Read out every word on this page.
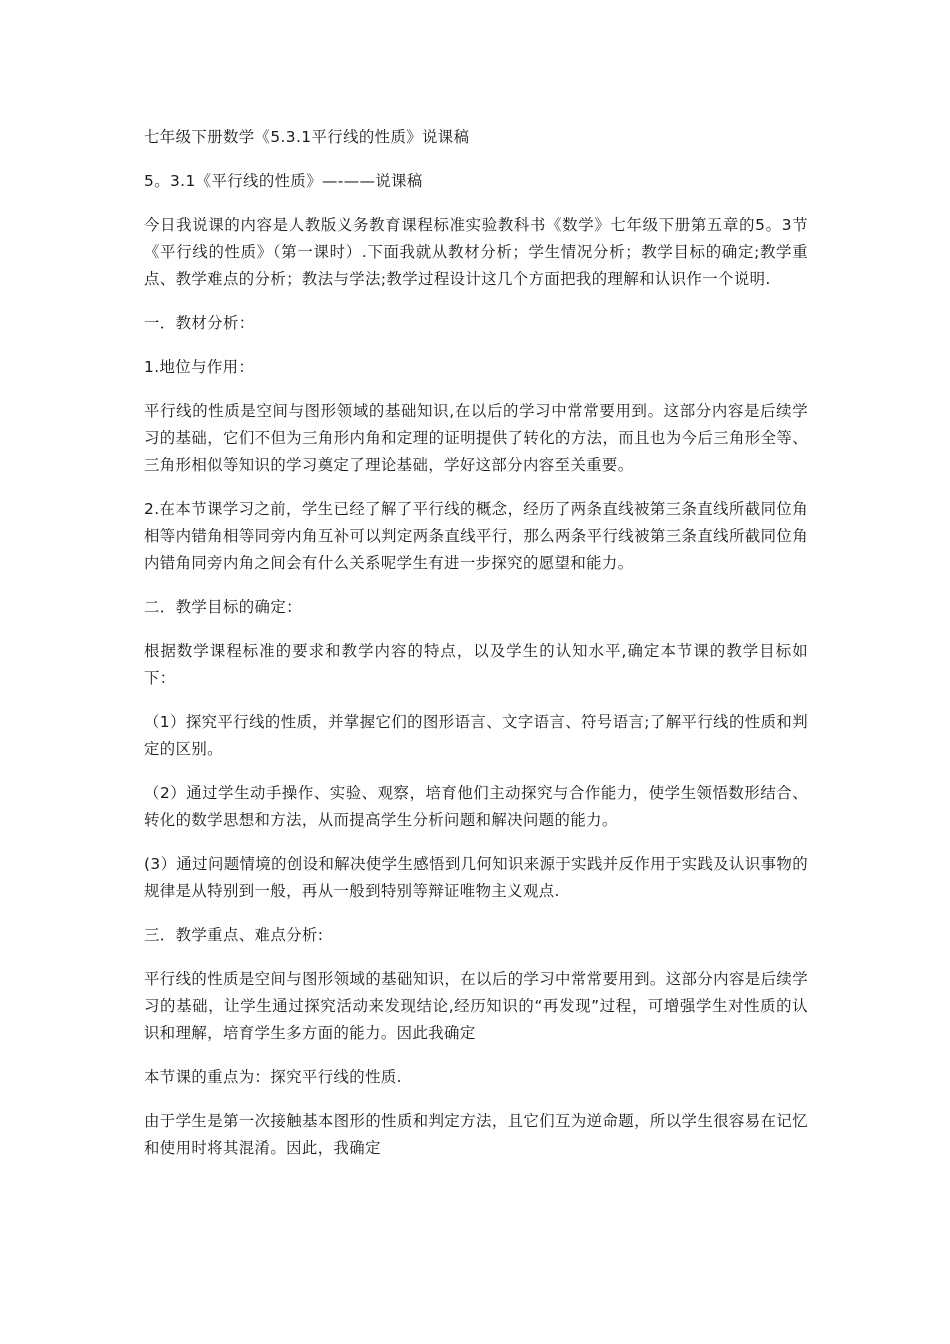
七年级下册数学《5.3.1平行线的性质》说课稿

5。3.1《平行线的性质》—-——说课稿

今日我说课的内容是人教版义务教育课程标准实验教科书《数学》七年级下册第五章的5。3节《平行线的性质》（第一课时）.下面我就从教材分析；学生情况分析；教学目标的确定;教学重点、教学难点的分析；教法与学法;教学过程设计这几个方面把我的理解和认识作一个说明.

一．教材分析：

1.地位与作用：

平行线的性质是空间与图形领域的基础知识,在以后的学习中常常要用到。这部分内容是后续学习的基础，它们不但为三角形内角和定理的证明提供了转化的方法，而且也为今后三角形全等、三角形相似等知识的学习奠定了理论基础，学好这部分内容至关重要。

2.在本节课学习之前，学生已经了解了平行线的概念，经历了两条直线被第三条直线所截同位角相等内错角相等同旁内角互补可以判定两条直线平行，那么两条平行线被第三条直线所截同位角内错角同旁内角之间会有什么关系呢学生有进一步探究的愿望和能力。

二．教学目标的确定：

根据数学课程标准的要求和教学内容的特点，以及学生的认知水平,确定本节课的教学目标如下：

（1）探究平行线的性质，并掌握它们的图形语言、文字语言、符号语言;了解平行线的性质和判定的区别。

（2）通过学生动手操作、实验、观察，培育他们主动探究与合作能力，使学生领悟数形结合、转化的数学思想和方法，从而提高学生分析问题和解决问题的能力。

(3）通过问题情境的创设和解决使学生感悟到几何知识来源于实践并反作用于实践及认识事物的规律是从特别到一般，再从一般到特别等辩证唯物主义观点.

三．教学重点、难点分析:

平行线的性质是空间与图形领域的基础知识，在以后的学习中常常要用到。这部分内容是后续学习的基础，让学生通过探究活动来发现结论,经历知识的“再发现”过程，可增强学生对性质的认识和理解，培育学生多方面的能力。因此我确定

本节课的重点为：探究平行线的性质.

由于学生是第一次接触基本图形的性质和判定方法，且它们互为逆命题，所以学生很容易在记忆和使用时将其混淆。因此，我确定
